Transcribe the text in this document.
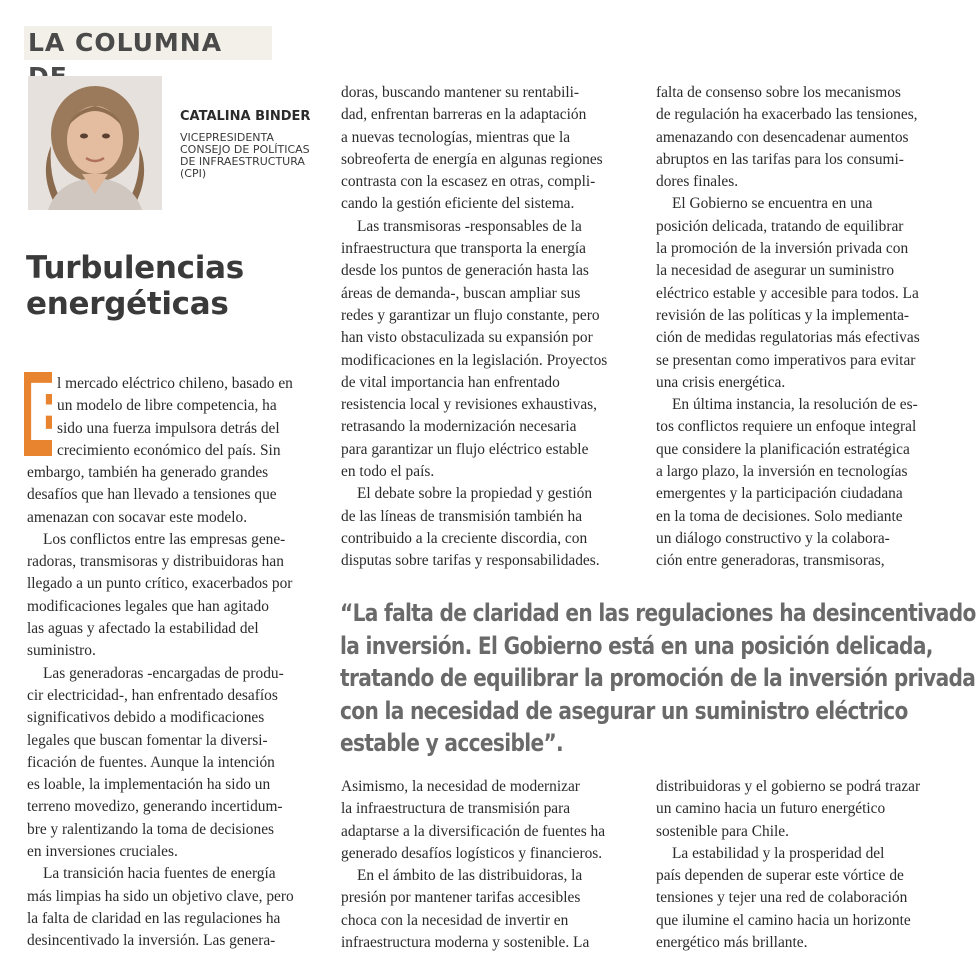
LA COLUMNA
CATALINA BINDER
VICEPRESIDENTA
CONSEJO DE POLÍTICAS
DE INFRAESTRUCTURA
(CPI)
Turbulencias
energéticas
E
l mercado eléctrico chileno, basado en
un modelo de libre competencia, ha
sido una fuerza impulsora detrás del
crecimiento económico del país. Sin
embargo, también ha generado grandes
desafíos que han llevado a tensiones que
amenazan con socavar este modelo.
Los conflictos entre las empresas gene-
radoras, transmisoras y distribuidoras han
llegado a un punto crítico, exacerbados por
modificaciones legales que han agitado
las aguas y afectado la estabilidad del
suministro.
Las generadoras -encargadas de produ-
cir electricidad-, han enfrentado desafíos
significativos debido a modificaciones
legales que buscan fomentar la diversi-
ficación de fuentes. Aunque la intención
es loable, la implementación ha sido un
terreno movedizo, generando incertidum-
bre y ralentizando la toma de decisiones
en inversiones cruciales.
La transición hacia fuentes de energía
más limpias ha sido un objetivo clave, pero
la falta de claridad en las regulaciones ha
desincentivado la inversión. Las genera-
doras, buscando mantener su rentabili-
dad, enfrentan barreras en la adaptación
a nuevas tecnologías, mientras que la
sobreoferta de energía en algunas regiones
contrasta con la escasez en otras, compli-
cando la gestión eficiente del sistema.
Las transmisoras -responsables de la
infraestructura que transporta la energía
desde los puntos de generación hasta las
áreas de demanda-, buscan ampliar sus
redes y garantizar un flujo constante, pero
han visto obstaculizada su expansión por
modificaciones en la legislación. Proyectos
de vital importancia han enfrentado
resistencia local y revisiones exhaustivas,
retrasando la modernización necesaria
para garantizar un flujo eléctrico estable
en todo el país.
El debate sobre la propiedad y gestión
de las líneas de transmisión también ha
contribuido a la creciente discordia, con
disputas sobre tarifas y responsabilidades.
falta de consenso sobre los mecanismos
de regulación ha exacerbado las tensiones,
amenazando con desencadenar aumentos
abruptos en las tarifas para los consumi-
dores finales.
El Gobierno se encuentra en una
posición delicada, tratando de equilibrar
la promoción de la inversión privada con
la necesidad de asegurar un suministro
eléctrico estable y accesible para todos. La
revisión de las políticas y la implementa-
ción de medidas regulatorias más efectivas
se presentan como imperativos para evitar
una crisis energética.
En última instancia, la resolución de es-
tos conflictos requiere un enfoque integral
que considere la planificación estratégica
a largo plazo, la inversión en tecnologías
emergentes y la participación ciudadana
en la toma de decisiones. Solo mediante
un diálogo constructivo y la colabora-
ción entre generadoras, transmisoras,
“La falta de claridad en las regulaciones ha desincentivado
la inversión. El Gobierno está en una posición delicada,
tratando de equilibrar la promoción de la inversión privada
con la necesidad de asegurar un suministro eléctrico
estable y accesible”.
Asimismo, la necesidad de modernizar
la infraestructura de transmisión para
adaptarse a la diversificación de fuentes ha
generado desafíos logísticos y financieros.
En el ámbito de las distribuidoras, la
presión por mantener tarifas accesibles
choca con la necesidad de invertir en
infraestructura moderna y sostenible. La
distribuidoras y el gobierno se podrá trazar
un camino hacia un futuro energético
sostenible para Chile.
La estabilidad y la prosperidad del
país dependen de superar este vórtice de
tensiones y tejer una red de colaboración
que ilumine el camino hacia un horizonte
energético más brillante.
